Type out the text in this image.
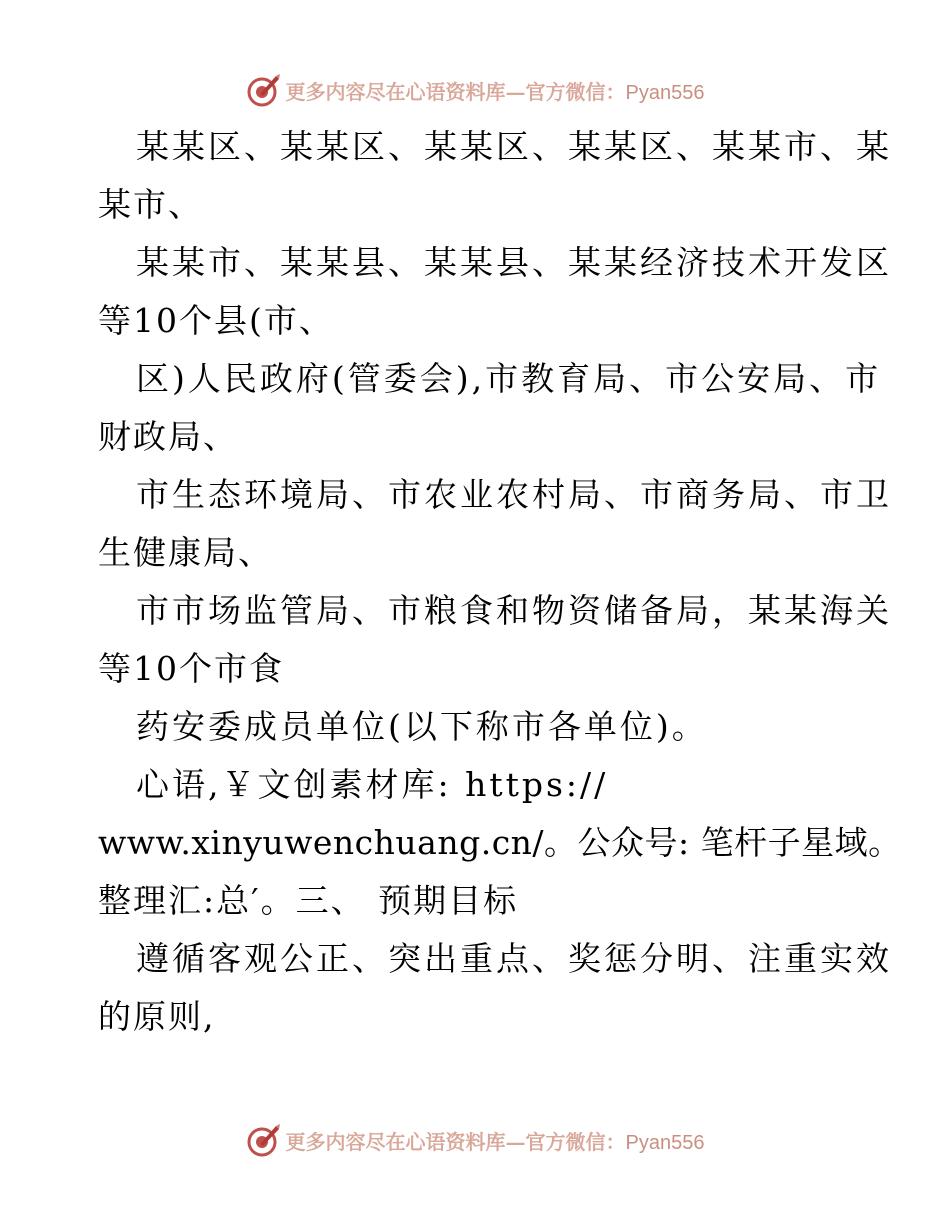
更多内容尽在心语资料库—官方微信：Pyan556
某某区、某某区、某某区、某某区、某某市、某
某市、
某某市、某某县、某某县、某某经济技术开发区
等10个县(市、
区)人民政府(管委会),市教育局、市公安局、市
财政局、
市生态环境局、市农业农村局、市商务局、市卫
生健康局、
市市场监管局、市粮食和物资储备局，某某海关
等10个市食
药安委成员单位(以下称市各单位)。
心语,￥文创素材库: https://
www.xinyuwenchuang.cn/。公众号: 笔杆子星域。
整理汇:总′。三、 预期目标
遵循客观公正、突出重点、奖惩分明、注重实效
的原则,
更多内容尽在心语资料库—官方微信：Pyan556
